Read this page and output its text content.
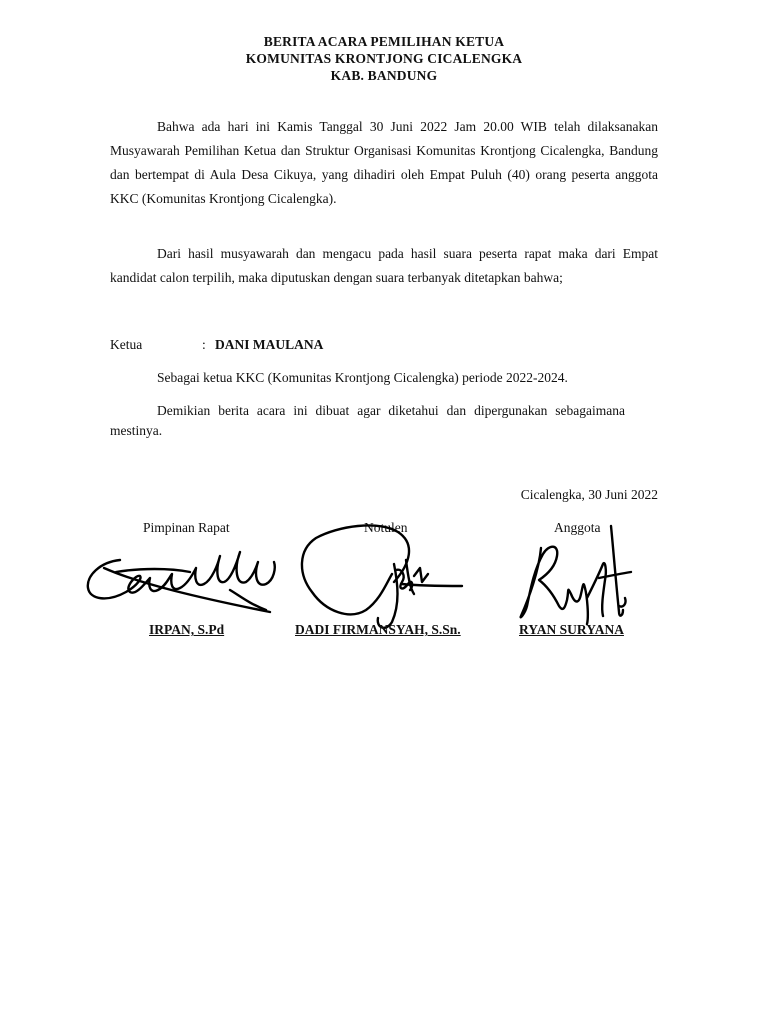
BERITA ACARA PEMILIHAN KETUA
KOMUNITAS KRONTJONG CICALENGKA
KAB. BANDUNG

Bahwa ada hari ini Kamis Tanggal 30 Juni 2022 Jam 20.00 WIB telah dilaksanakan Musyawarah Pemilihan Ketua dan Struktur Organisasi Komunitas Krontjong Cicalengka, Bandung dan bertempat di Aula Desa Cikuya, yang dihadiri oleh Empat Puluh (40) orang peserta anggota KKC (Komunitas Krontjong Cicalengka).

Dari hasil musyawarah dan mengacu pada hasil suara peserta rapat maka dari Empat kandidat calon terpilih, maka diputuskan dengan suara terbanyak ditetapkan bahwa;

Ketua	: DANI MAULANA
Sebagai ketua KKC (Komunitas Krontjong Cicalengka) periode 2022-2024.

Demikian berita acara ini dibuat agar diketahui dan dipergunakan sebagaimana mestinya.

Cicalengka, 30 Juni 2022
Pimpinan Rapat	Notulen	Anggota
IRPAN, S.Pd	DADI FIRMANSYAH, S.Sn.	RYAN SURYANA
